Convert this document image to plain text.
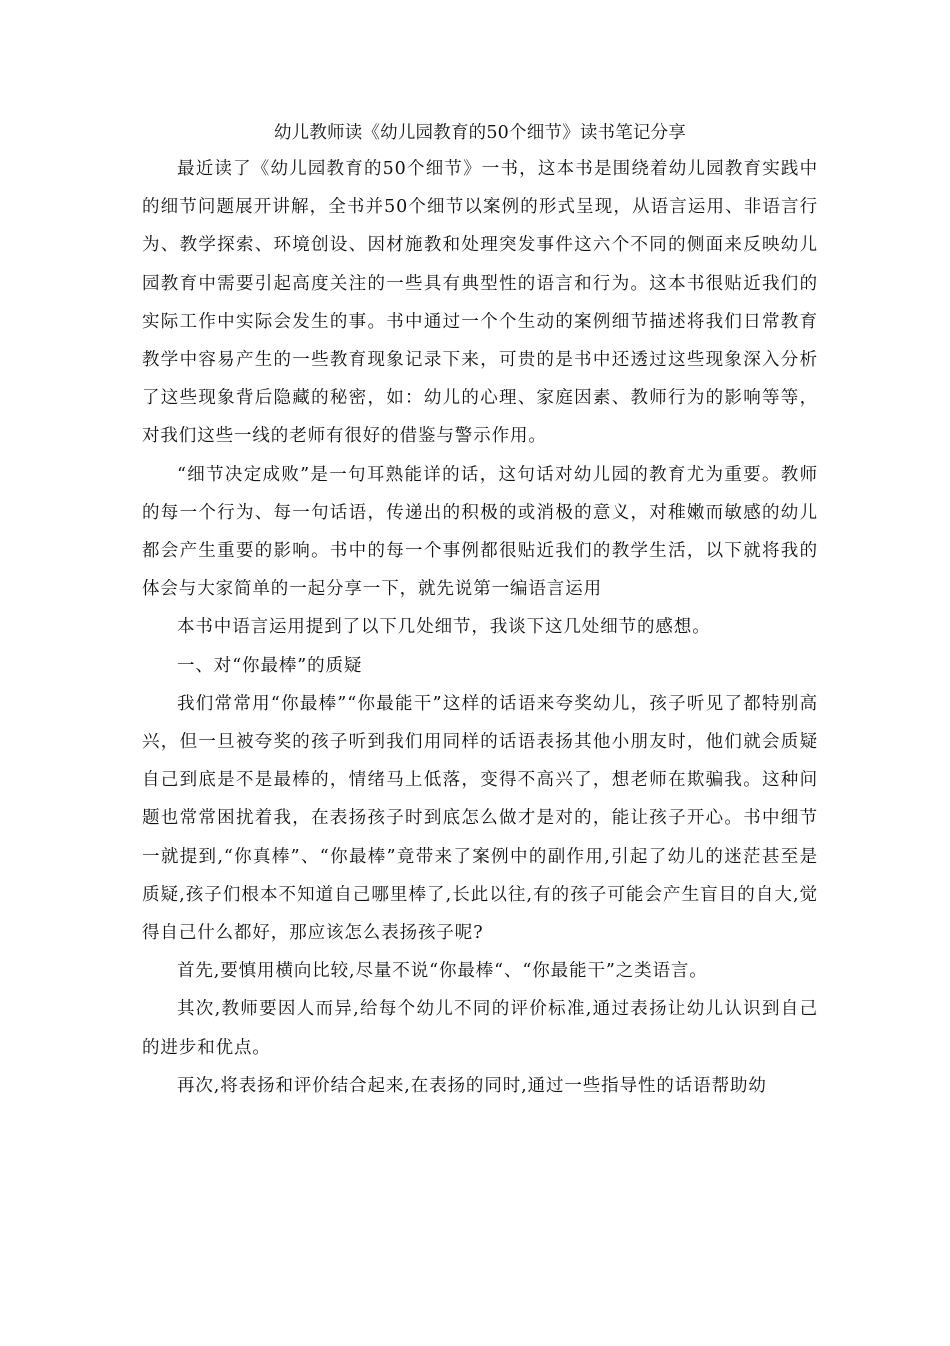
幼儿教师读《幼儿园教育的50个细节》读书笔记分享

最近读了《幼儿园教育的50个细节》一书，这本书是围绕着幼儿园教育实践中的细节问题展开讲解，全书并50个细节以案例的形式呈现，从语言运用、非语言行为、教学探索、环境创设、因材施教和处理突发事件这六个不同的侧面来反映幼儿园教育中需要引起高度关注的一些具有典型性的语言和行为。这本书很贴近我们的实际工作中实际会发生的事。书中通过一个个生动的案例细节描述将我们日常教育教学中容易产生的一些教育现象记录下来，可贵的是书中还透过这些现象深入分析了这些现象背后隐藏的秘密，如：幼儿的心理、家庭因素、教师行为的影响等等，对我们这些一线的老师有很好的借鉴与警示作用。

“细节决定成败”是一句耳熟能详的话，这句话对幼儿园的教育尤为重要。教师的每一个行为、每一句话语，传递出的积极的或消极的意义，对稚嫩而敏感的幼儿都会产生重要的影响。书中的每一个事例都很贴近我们的教学生活，以下就将我的体会与大家简单的一起分享一下，就先说第一编语言运用

本书中语言运用提到了以下几处细节，我谈下这几处细节的感想。

一、对“你最棒”的质疑

我们常常用“你最棒”“你最能干”这样的话语来夸奖幼儿，孩子听见了都特别高兴，但一旦被夸奖的孩子听到我们用同样的话语表扬其他小朋友时，他们就会质疑自己到底是不是最棒的，情绪马上低落，变得不高兴了，想老师在欺骗我。这种问题也常常困扰着我，在表扬孩子时到底怎么做才是对的，能让孩子开心。书中细节一就提到,“你真棒”、“你最棒”竟带来了案例中的副作用,引起了幼儿的迷茫甚至是质疑,孩子们根本不知道自己哪里棒了,长此以往,有的孩子可能会产生盲目的自大,觉得自己什么都好，那应该怎么表扬孩子呢?

首先,要慎用横向比较,尽量不说“你最棒“、“你最能干”之类语言。

其次,教师要因人而异,给每个幼儿不同的评价标准,通过表扬让幼儿认识到自己的进步和优点。

再次,将表扬和评价结合起来,在表扬的同时,通过一些指导性的话语帮助幼
